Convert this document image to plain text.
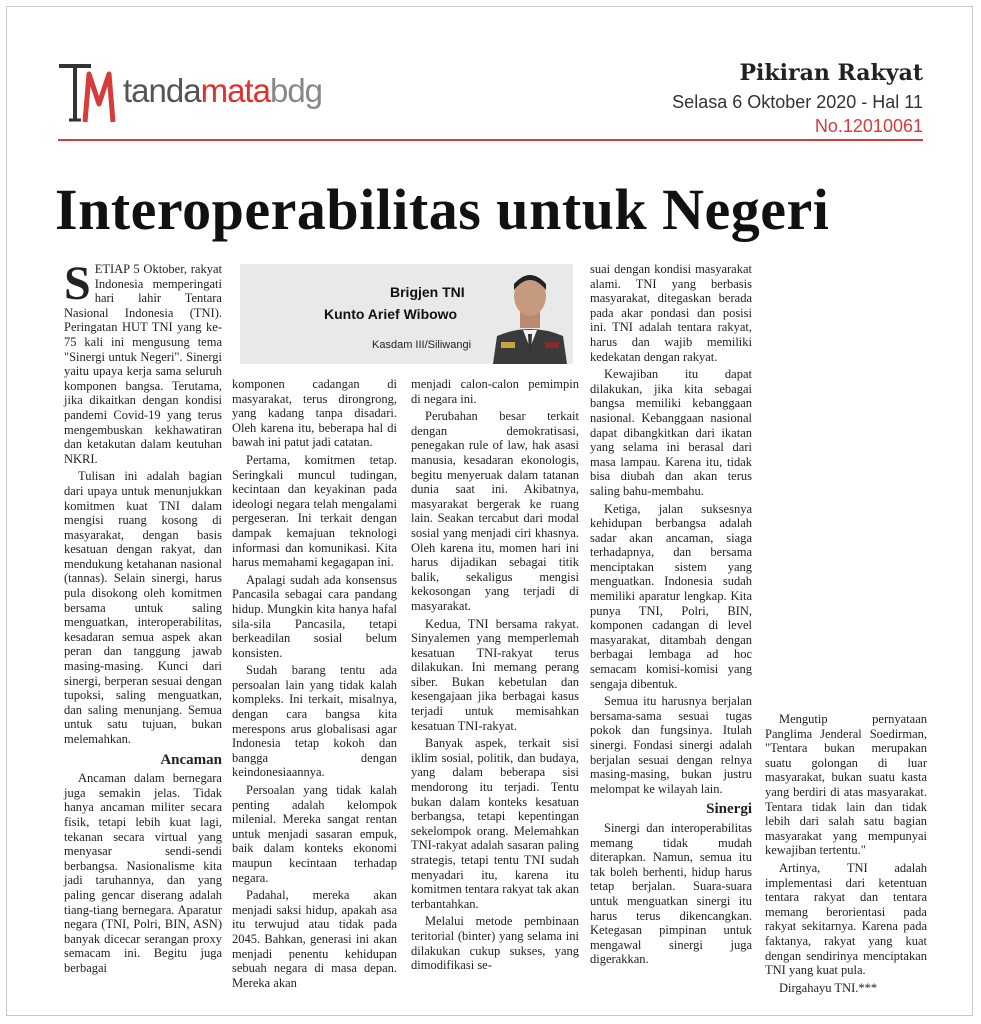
tandamatabdg	Pikiran Rakyat
Selasa 6 Oktober 2020 - Hal 11
No.12010061
Interoperabilitas untuk Negeri
Brigjen TNI
Kunto Arief Wibowo
Kasdam III/Siliwangi

SETIAP 5 Oktober, rakyat Indonesia memperingati hari lahir Tentara Nasional Indonesia (TNI). Peringatan HUT TNI yang ke-75 kali ini mengusung tema "Sinergi untuk Negeri". Sinergi yaitu upaya kerja sama seluruh komponen bangsa. Terutama, jika dikaitkan dengan kondisi pandemi Covid-19 yang terus mengembuskan kekhawatiran dan ketakutan dalam keutuhan NKRI.

Tulisan ini adalah bagian dari upaya untuk menunjukkan komitmen kuat TNI dalam mengisi ruang kosong di masyarakat, dengan basis kesatuan dengan rakyat, dan mendukung ketahanan nasional (tannas). Selain sinergi, harus pula disokong oleh komitmen bersama untuk saling menguatkan, interoperabilitas, kesadaran semua aspek akan peran dan tanggung jawab masing-masing. Kunci dari sinergi, berperan sesuai dengan tupoksi, saling menguatkan, dan saling menunjang. Semua untuk satu tujuan, bukan melemahkan.

Ancaman

Ancaman dalam bernegara juga semakin jelas. Tidak hanya ancaman militer secara fisik, tetapi lebih kuat lagi, tekanan secara virtual yang menyasar sendi-sendi berbangsa. Nasionalisme kita jadi taruhannya, dan yang paling gencar diserang adalah tiang-tiang bernegara. Aparatur negara (TNI, Polri, BIN, ASN) banyak dicecar serangan proxy semacam ini. Begitu juga berbagai

komponen cadangan di masyarakat, terus dirongrong, yang kadang tanpa disadari. Oleh karena itu, beberapa hal di bawah ini patut jadi catatan.

Pertama, komitmen tetap. Seringkali muncul tudingan, kecintaan dan keyakinan pada ideologi negara telah mengalami pergeseran. Ini terkait dengan dampak kemajuan teknologi informasi dan komunikasi. Kita harus memahami kegagapan ini.

Apalagi sudah ada konsensus Pancasila sebagai cara pandang hidup. Mungkin kita hanya hafal sila-sila Pancasila, tetapi berkeadilan sosial belum konsisten.

Sudah barang tentu ada persoalan lain yang tidak kalah kompleks. Ini terkait, misalnya, dengan cara bangsa kita merespons arus globalisasi agar Indonesia tetap kokoh dan bangga dengan keindonesiaannya.

Persoalan yang tidak kalah penting adalah kelompok milenial. Mereka sangat rentan untuk menjadi sasaran empuk, baik dalam konteks ekonomi maupun kecintaan terhadap negara.

Padahal, mereka akan menjadi saksi hidup, apakah asa itu terwujud atau tidak pada 2045. Bahkan, generasi ini akan menjadi penentu kehidupan sebuah negara di masa depan. Mereka akan

menjadi calon-calon pemimpin di negara ini.

Perubahan besar terkait dengan demokratisasi, penegakan rule of law, hak asasi manusia, kesadaran ekonologis, begitu menyeruak dalam tatanan dunia saat ini. Akibatnya, masyarakat bergerak ke ruang lain. Seakan tercabut dari modal sosial yang menjadi ciri khasnya. Oleh karena itu, momen hari ini harus dijadikan sebagai titik balik, sekaligus mengisi kekosongan yang terjadi di masyarakat.

Kedua, TNI bersama rakyat. Sinyalemen yang memperlemah kesatuan TNI-rakyat terus dilakukan. Ini memang perang siber. Bukan kebetulan dan kesengajaan jika berbagai kasus terjadi untuk memisahkan kesatuan TNI-rakyat.

Banyak aspek, terkait sisi iklim sosial, politik, dan budaya, yang dalam beberapa sisi mendorong itu terjadi. Tentu bukan dalam konteks kesatuan berbangsa, tetapi kepentingan sekelompok orang. Melemahkan TNI-rakyat adalah sasaran paling strategis, tetapi tentu TNI sudah menyadari itu, karena itu komitmen tentara rakyat tak akan terbantahkan.

Melalui metode pembinaan teritorial (binter) yang selama ini dilakukan cukup sukses, yang dimodifikasi se-

suai dengan kondisi masyarakat alami. TNI yang berbasis masyarakat, ditegaskan berada pada akar pondasi dan posisi ini. TNI adalah tentara rakyat, harus dan wajib memiliki kedekatan dengan rakyat.

Kewajiban itu dapat dilakukan, jika kita sebagai bangsa memiliki kebanggaan nasional. Kebanggaan nasional dapat dibangkitkan dari ikatan yang selama ini berasal dari masa lampau. Karena itu, tidak bisa diubah dan akan terus saling bahu-membahu.

Ketiga, jalan suksesnya kehidupan berbangsa adalah sadar akan ancaman, siaga terhadapnya, dan bersama menciptakan sistem yang menguatkan. Indonesia sudah memiliki aparatur lengkap. Kita punya TNI, Polri, BIN, komponen cadangan di level masyarakat, ditambah dengan berbagai lembaga ad hoc semacam komisi-komisi yang sengaja dibentuk.

Semua itu harusnya berjalan bersama-sama sesuai tugas pokok dan fungsinya. Itulah sinergi. Fondasi sinergi adalah berjalan sesuai dengan relnya masing-masing, bukan justru melompat ke wilayah lain.

Sinergi

Sinergi dan interoperabilitas memang tidak mudah diterapkan. Namun, semua itu tak boleh berhenti, hidup harus tetap berjalan. Suara-suara untuk menguatkan sinergi itu harus terus dikencangkan. Ketegasan pimpinan untuk mengawal sinergi juga digerakkan.

Mengutip pernyataan Panglima Jenderal Soedirman, "Tentara bukan merupakan suatu golongan di luar masyarakat, bukan suatu kasta yang berdiri di atas masyarakat. Tentara tidak lain dan tidak lebih dari salah satu bagian masyarakat yang mempunyai kewajiban tertentu."

Artinya, TNI adalah implementasi dari ketentuan tentara rakyat dan tentara memang berorientasi pada rakyat sekitarnya. Karena pada faktanya, rakyat yang kuat dengan sendirinya menciptakan TNI yang kuat pula.

Dirgahayu TNI.***
